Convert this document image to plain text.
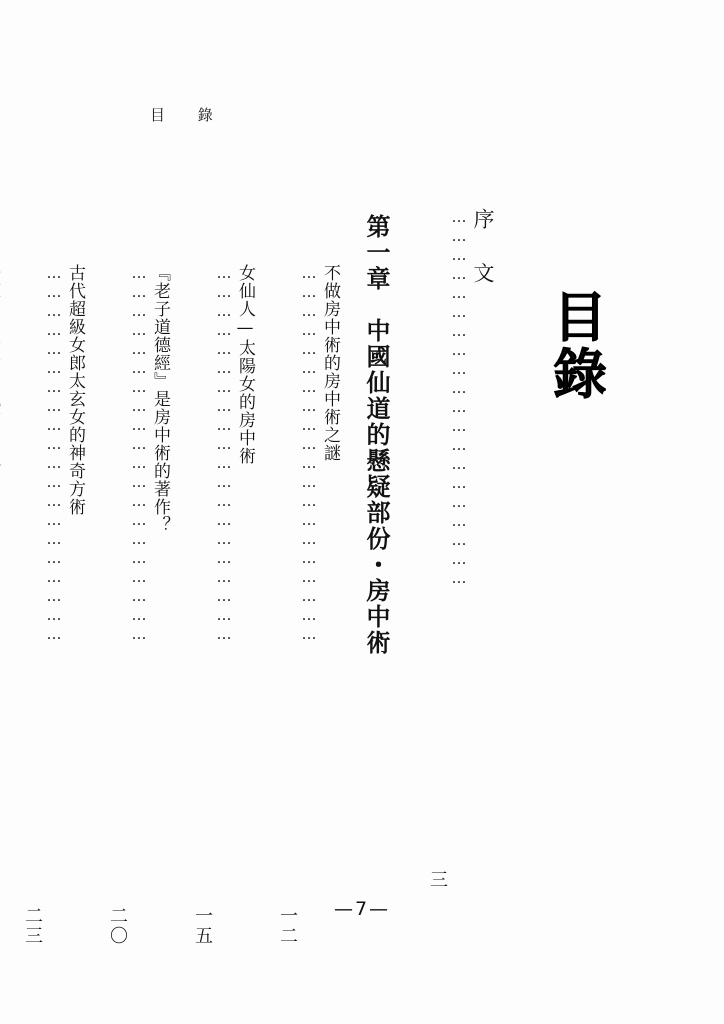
目 錄
目
錄
序　文
……………………………………………………
三
第一章　中國仙道的懸疑部份・房中術
不做房中術的房中術之謎
……………………………………………………
一二
女仙人—太陽女的房中術
……………………………………………………
一五
『老子道德經』是房中術的著作？
……………………………………………………
二〇
古代超級女郎太玄女的神奇方術
……………………………………………………
二三	—7—
